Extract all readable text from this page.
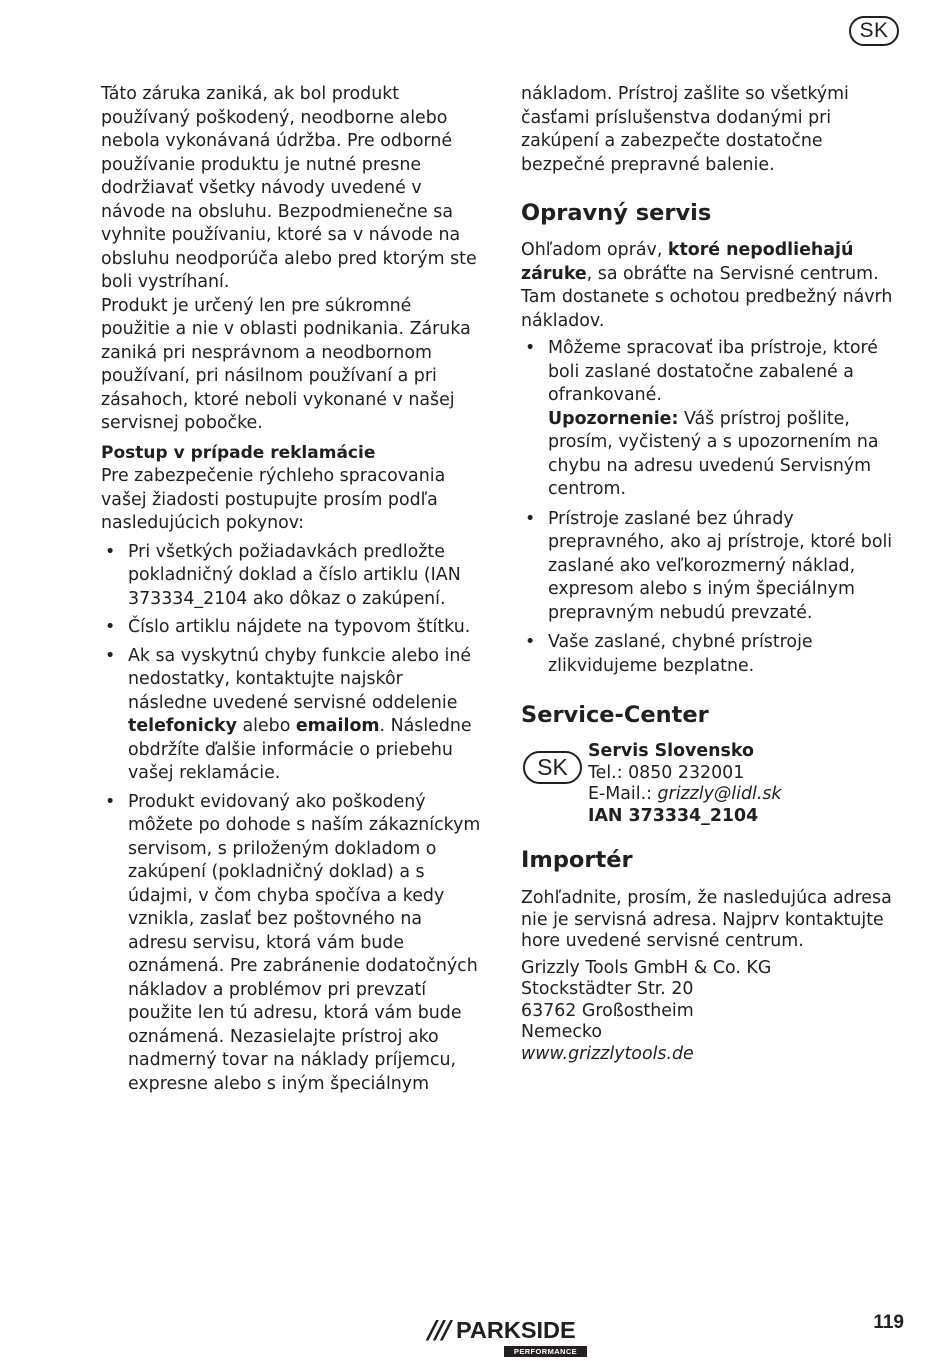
SK

Táto záruka zaniká, ak bol produkt používaný poškodený, neodborne alebo nebola vykonávaná údržba. Pre odborné používanie produktu je nutné presne dodržiavať všetky návody uvedené v návode na obsluhu. Bezpodmienečne sa vyhnite používaniu, ktoré sa v návode na obsluhu neodporúča alebo pred ktorým ste boli vystríhaní.

Produkt je určený len pre súkromné použitie a nie v oblasti podnikania. Záruka zaniká pri nesprávnom a neodbornom používaní, pri násilnom používaní a pri zásahoch, ktoré neboli vykonané v našej servisnej pobočke.

Postup v prípade reklamácie

Pre zabezpečenie rýchleho spracovania vašej žiadosti postupujte prosím podľa nasledujúcich pokynov:

• Pri všetkých požiadavkách predložte pokladničný doklad a číslo artiklu (IAN 373334_2104 ako dôkaz o zakúpení.
• Číslo artiklu nájdete na typovom štítku.
• Ak sa vyskytnú chyby funkcie alebo iné nedostatky, kontaktujte najskôr následne uvedené servisné oddelenie telefonicky alebo emailom. Následne obdržíte ďalšie informácie o priebehu vašej reklamácie.
• Produkt evidovaný ako poškodený môžete po dohode s naším zákazníckym servisom, s priloženým dokladom o zakúpení (pokladničný doklad) a s údajmi, v čom chyba spočíva a kedy vznikla, zaslať bez poštovného na adresu servisu, ktorá vám bude oznámená. Pre zabránenie dodatočných nákladov a problémov pri prevzatí použite len tú adresu, ktorá vám bude oznámená. Nezasielajte prístroj ako nadmerný tovar na náklady príjemcu, expresne alebo s iným špeciálnym

nákladom. Prístroj zašlite so všetkými časťami príslušenstva dodanými pri zakúpení a zabezpečte dostatočne bezpečné prepravné balenie.

Opravný servis

Ohľadom opráv, ktoré nepodliehajú záruke, sa obráťte na Servisné centrum. Tam dostanete s ochotou predbežný návrh nákladov.

• Môžeme spracovať iba prístroje, ktoré boli zaslané dostatočne zabalené a ofrankované.
Upozornenie: Váš prístroj pošlite, prosím, vyčistený a s upozornením na chybu na adresu uvedenú Servisným centrom.
• Prístroje zaslané bez úhrady prepravného, ako aj prístroje, ktoré boli zaslané ako veľkorozmerný náklad, expresom alebo s iným špeciálnym prepravným nebudú prevzaté.
• Vaše zaslané, chybné prístroje zlikvidujeme bezplatne.
Service-Center
SK
Servis Slovensko
Tel.: 0850 232001
E-Mail.: grizzly@lidl.sk
IAN 373334_2104
Importér

Zohľadnite, prosím, že nasledujúca adresa nie je servisná adresa. Najprv kontaktujte hore uvedené servisné centrum.

Grizzly Tools GmbH & Co. KG

Stockstädter Str. 20

63762 Großostheim

Nemecko

www.grizzlytools.de

/// PARKSIDE
PERFORMANCE
119
